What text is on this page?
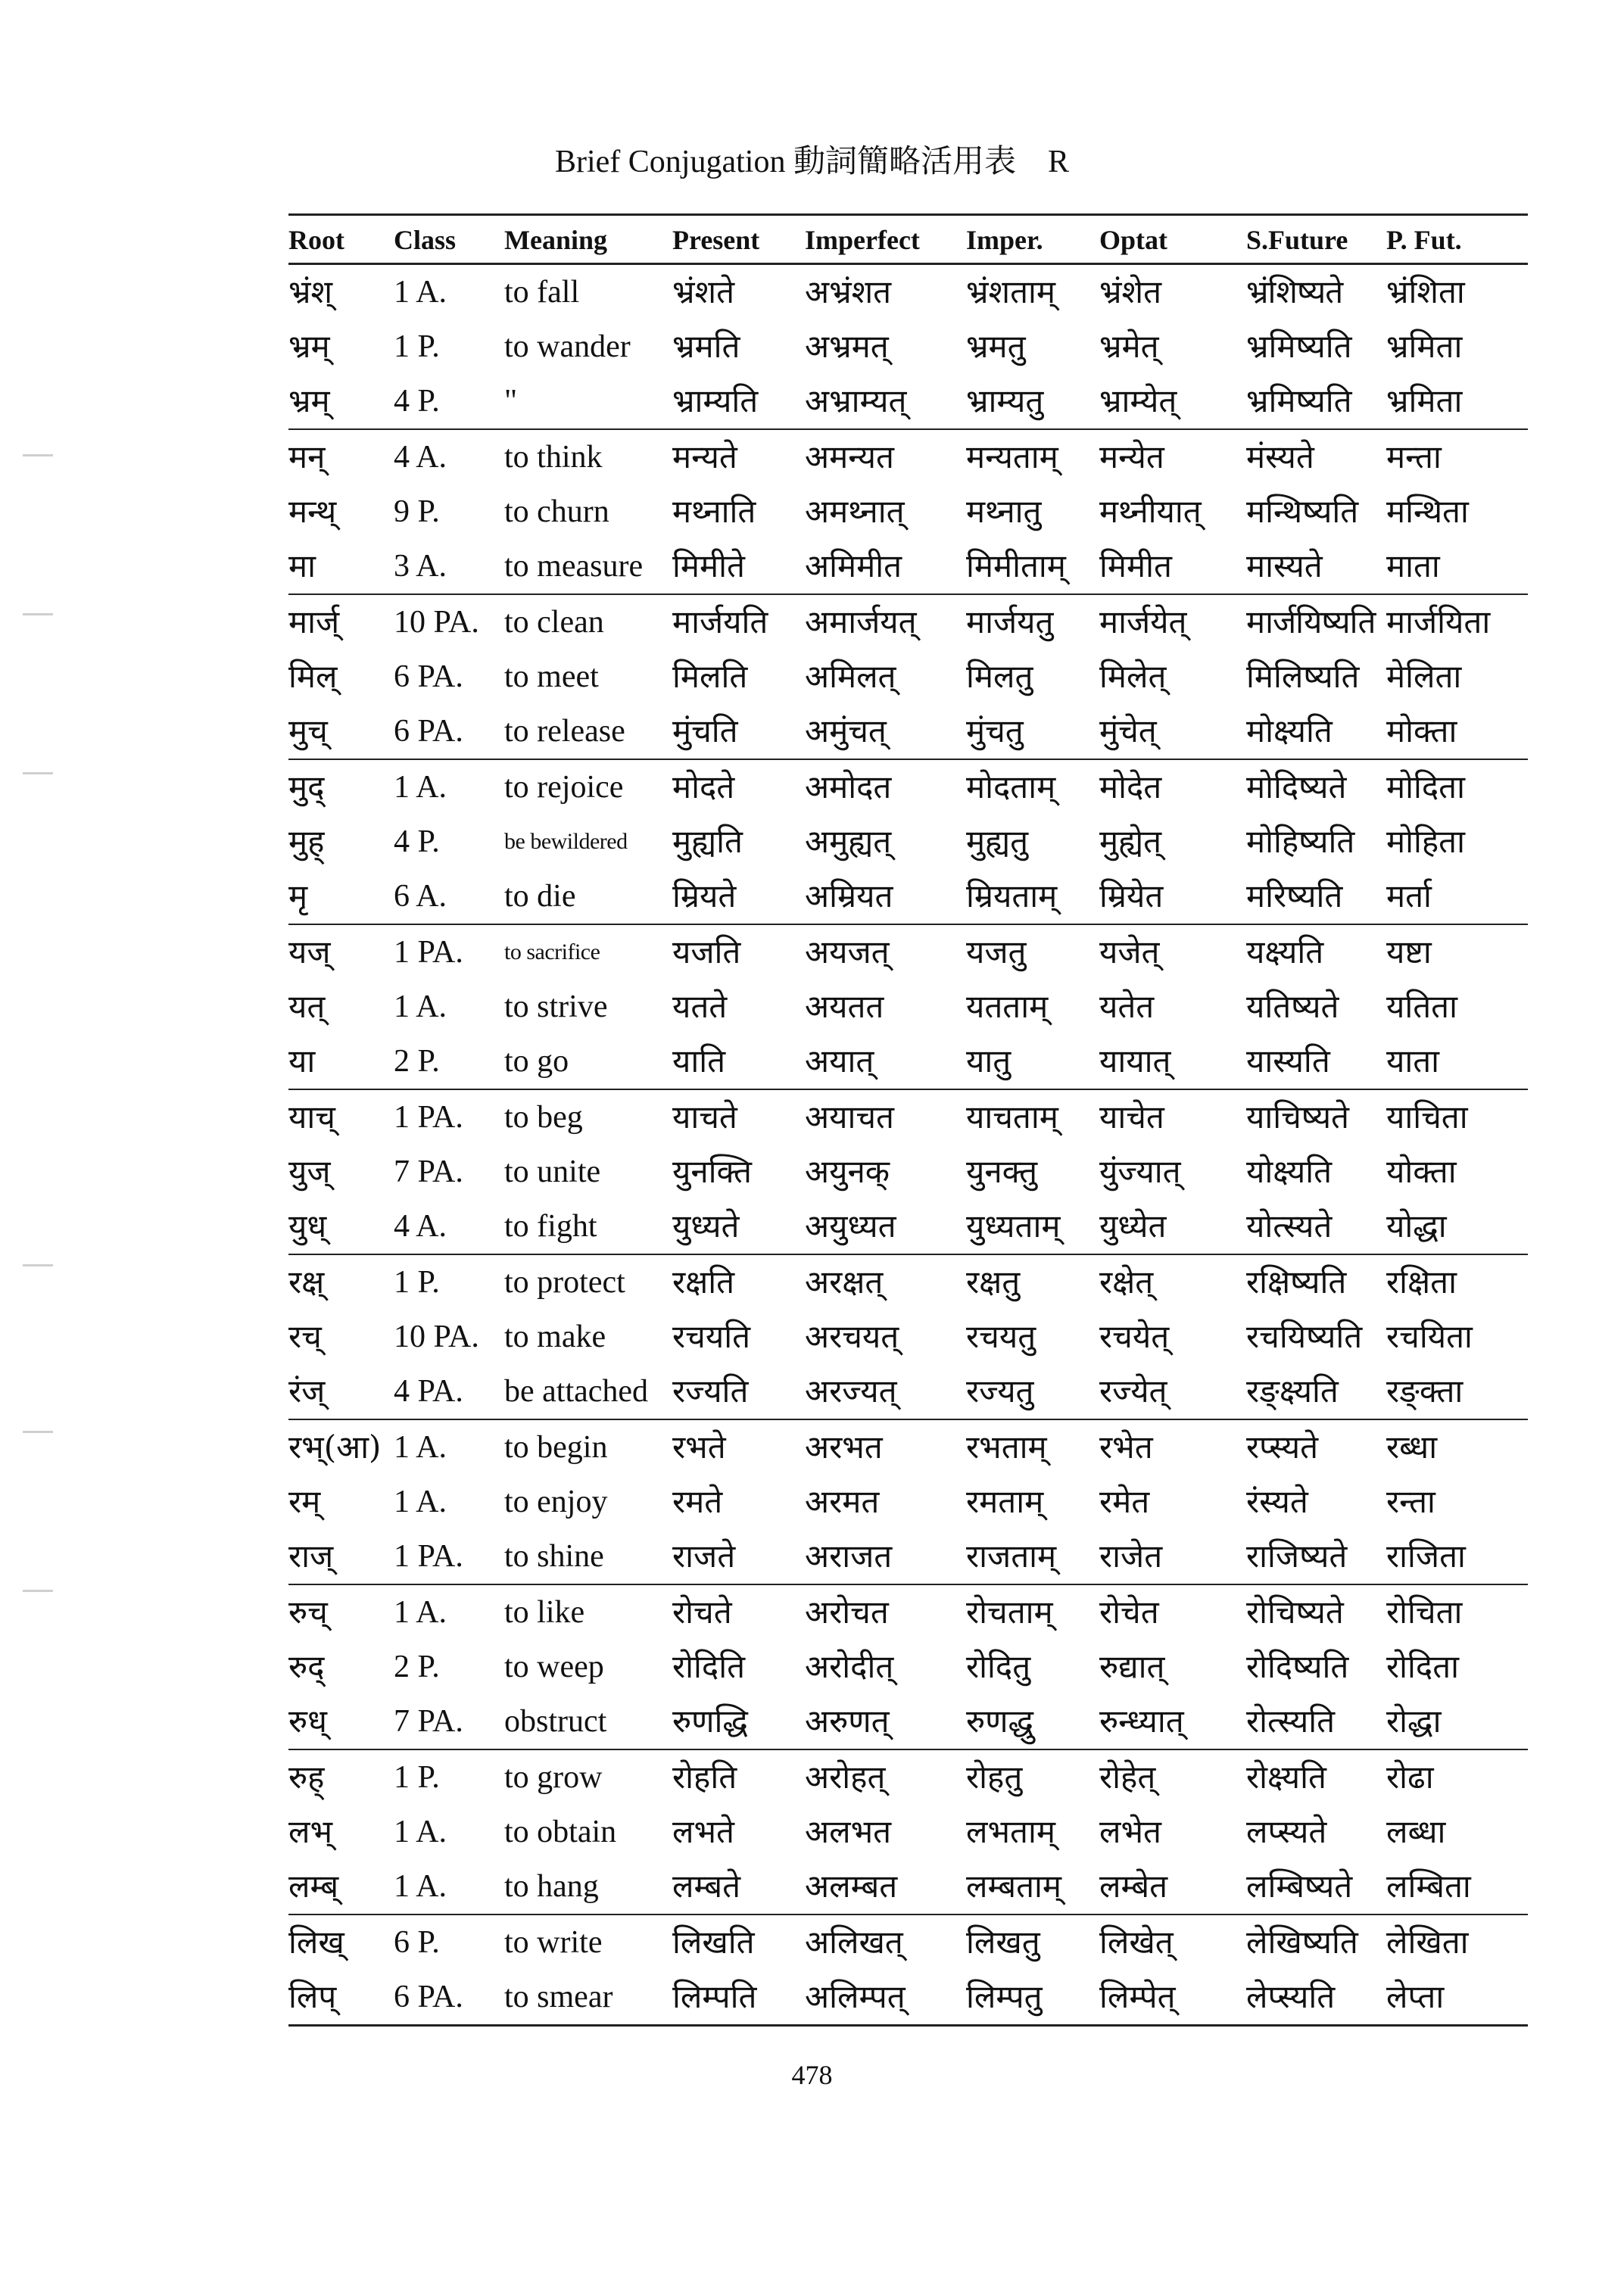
Brief Conjugation 動詞簡略活用表　R
Root Class Meaning Present Imperfect Imper. Optat	S.Future P. Fut.
भ्रंश् 1 A. to fall	भ्रंशते अभ्रंशत भ्रंशताम् भ्रंशेत	भ्रंशिष्यते भ्रंशिता
भ्रम् 1 P. to wander भ्रमति अभ्रमत् भ्रमतु भ्रमेत्	भ्रमिष्यति भ्रमिता
भ्रम् 4 P. "	भ्राम्यति अभ्राम्यत् भ्राम्यतु भ्राम्येत् भ्रमिष्यति भ्रमिता
मन् 4 A. to think मन्यते अमन्यत मन्यताम् मन्येत	मंस्यते मन्ता
मन्थ् 9 P. to churn मथ्नाति अमथ्नात् मथ्नातु मथ्नीयात् मन्थिष्यति मन्थिता
मा 3 A. to measure मिमीते अमिमीत मिमीताम् मिमीत मास्यते माता
मार्ज् 10 PA. to clean मार्जयति अमार्जयत् मार्जयतु मार्जयेत् मार्जयिष्यति मार्जयिता
मिल् 6 PA. to meet मिलति अमिलत् मिलतु मिलेत्	मिलिष्यति मेलिता
मुच् 6 PA. to release मुंचति अमुंचत्	मुंचतु मुंचेत्	मोक्ष्यति मोक्ता
मुद् 1 A. to rejoice मोदते अमोदत मोदताम् मोदेत	मोदिष्यते मोदिता
मुह् 4 P.	be bewildered मुह्यति अमुह्यत् मुह्यतु मुह्येत्	मोहिष्यति मोहिता
मृ	6 A. to die	म्रियते अम्रियत म्रियताम् म्रियेत	मरिष्यति मर्ता
यज् 1 PA. to sacrifice यजति अयजत् यजतु यजेत्	यक्ष्यति यष्टा
यत् 1 A. to strive यतते अयतत	यतताम् यतेत	यतिष्यते यतिता
या 2 P. to go	याति अयात्	यातु	यायात् यास्यति याता
याच् 1 PA. to beg	याचते अयाचत याचताम् याचेत	याचिष्यते याचिता
युज् 7 PA. to unite युनक्ति अयुनक् युनक्तु युंज्यात् योक्ष्यति योक्ता
युध् 4 A. to fight युध्यते अयुध्यत युध्यताम् युध्येत	योत्स्यते योद्धा
रक्ष् 1 P. to protect रक्षति अरक्षत्	रक्षतु रक्षेत्	रक्षिष्यति रक्षिता
रच् 10 PA. to make रचयति अरचयत् रचयतु रचयेत् रचयिष्यति रचयिता
रंज् 4 PA. be attached रज्यति अरज्यत् रज्यतु रज्येत् रङ्क्ष्यति रङ्क्ता
रभ्(आ) 1 A. to begin रभते अरभत	रभताम् रभेत	रप्स्यते रब्धा
रम् 1 A. to enjoy रमते	अरमत	रमताम् रमेत	रंस्यते रन्ता
राज् 1 PA. to shine राजते अराजत राजताम् राजेत	राजिष्यते राजिता
रुच् 1 A. to like	रोचते अरोचत रोचताम् रोचेत	रोचिष्यते रोचिता
रुद् 2 P. to weep रोदिति अरोदीत् रोदितु रुद्यात्	रोदिष्यति रोदिता
रुध् 7 PA. obstruct रुणद्धि अरुणत् रुणद्धु रुन्ध्यात् रोत्स्यति रोद्धा
रुह् 1 P. to grow रोहति अरोहत्	रोहतु रोहेत्	रोक्ष्यति रोढा
लभ् 1 A. to obtain लभते अलभत लभताम् लभेत	लप्स्यते लब्धा
लम्ब् 1 A. to hang लम्बते अलम्बत लम्बताम् लम्बेत लम्बिष्यते लम्बिता
लिख् 6 P. to write लिखति अलिखत् लिखतु लिखेत् लेखिष्यति लेखिता
लिप् 6 PA. to smear लिम्पति अलिम्पत् लिम्पतु लिम्पेत् लेप्स्यति लेप्ता
478
